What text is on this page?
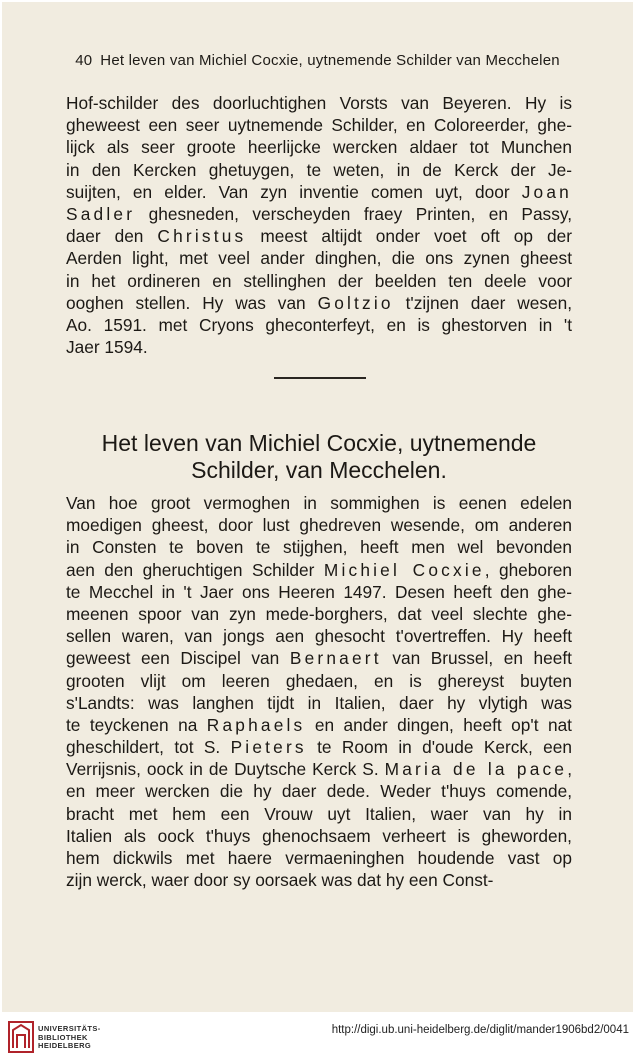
40 Het leven van Michiel Cocxie, uytnemende Schilder van Mecchelen
Hof-schilder des doorluchtighen Vorsts van Beyeren. Hy is
gheweest een seer uytnemende Schilder, en Coloreerder, ghe-
lijck als seer groote heerlijcke wercken aldaer tot Munchen
in den Kercken ghetuygen, te weten, in de Kerck der Je-
suijten, en elder. Van zyn inventie comen uyt, door Joan
Sadler ghesneden, verscheyden fraey Printen, en Passy,
daer den Christus meest altijdt onder voet oft op der
Aerden light, met veel ander dinghen, die ons zynen gheest
in het ordineren en stellinghen der beelden ten deele voor
ooghen stellen. Hy was van Goltzio t'zijnen daer wesen,
Ao. 1591. met Cryons gheconterfeyt, en is ghestorven in 't
Jaer 1594.
Het leven van Michiel Cocxie, uytnemende
Schilder, van Mecchelen.
Van hoe groot vermoghen in sommighen is eenen edelen
moedigen gheest, door lust ghedreven wesende, om anderen
in Consten te boven te stijghen, heeft men wel bevonden
aen den gheruchtigen Schilder Michiel Cocxie, gheboren
te Mecchel in 't Jaer ons Heeren 1497. Desen heeft den ghe-
meenen spoor van zyn mede-borghers, dat veel slechte ghe-
sellen waren, van jongs aen ghesocht t'overtreffen. Hy heeft
geweest een Discipel van Bernaert van Brussel, en heeft
grooten vlijt om leeren ghedaen, en is ghereyst buyten
s'Landts: was langhen tijdt in Italien, daer hy vlytigh was
te teyckenen na Raphaels en ander dingen, heeft op't nat
gheschildert, tot S. Pieters te Room in d'oude Kerck, een
Verrijsnis, oock in de Duytsche Kerck S. Maria de la pace,
en meer wercken die hy daer dede. Weder t'huys comende,
bracht met hem een Vrouw uyt Italien, waer van hy in
Italien als oock t'huys ghenochsaem verheert is gheworden,
hem dickwils met haere vermaeninghen houdende vast op
zijn werck, waer door sy oorsaek was dat hy een Const-
UNIVERSITÄTS-
BIBLIOTHEK
HEIDELBERG
http://digi.ub.uni-heidelberg.de/diglit/mander1906bd2/0041
